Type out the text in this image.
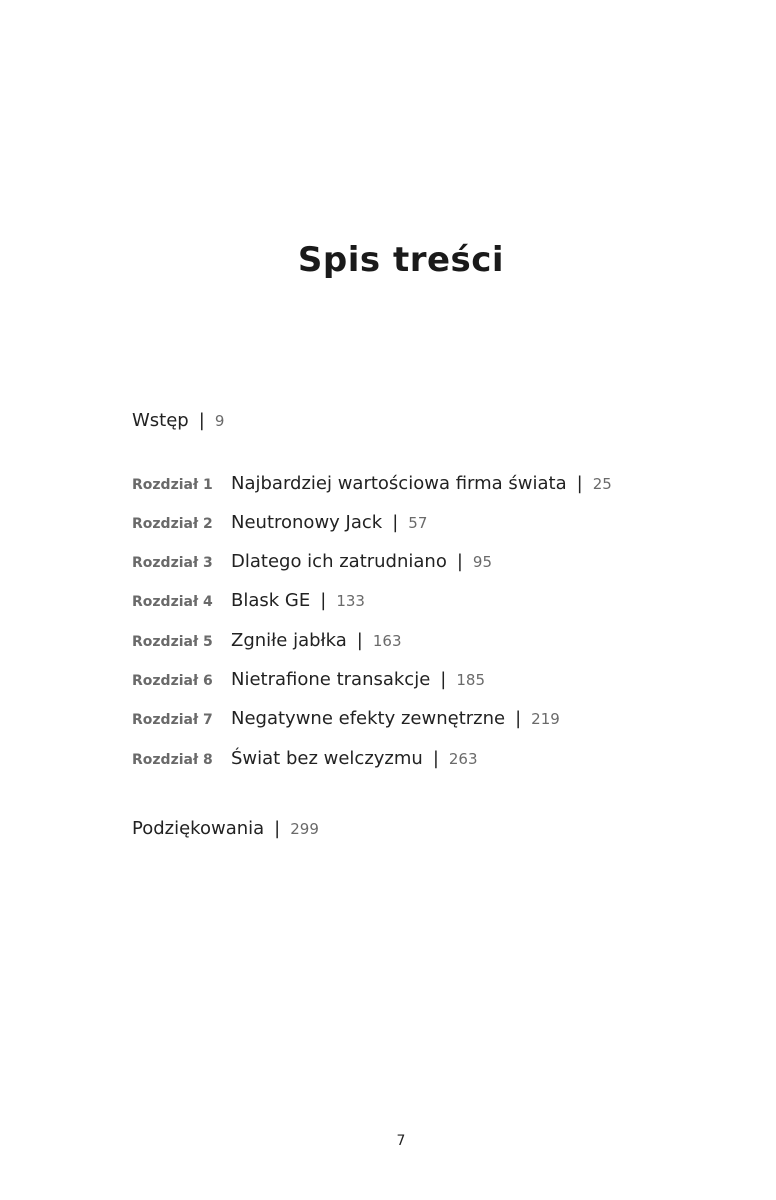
Spis treści
Wstęp | 9
Rozdział 1	Najbardziej wartościowa firma świata | 25
Rozdział 2	Neutronowy Jack | 57
Rozdział 3	Dlatego ich zatrudniano | 95
Rozdział 4	Blask GE | 133
Rozdział 5	Zgniłe jabłka | 163
Rozdział 6	Nietrafione transakcje | 185
Rozdział 7	Negatywne efekty zewnętrzne | 219
Rozdział 8	Świat bez welczyzmu | 263
Podziękowania | 299
7
